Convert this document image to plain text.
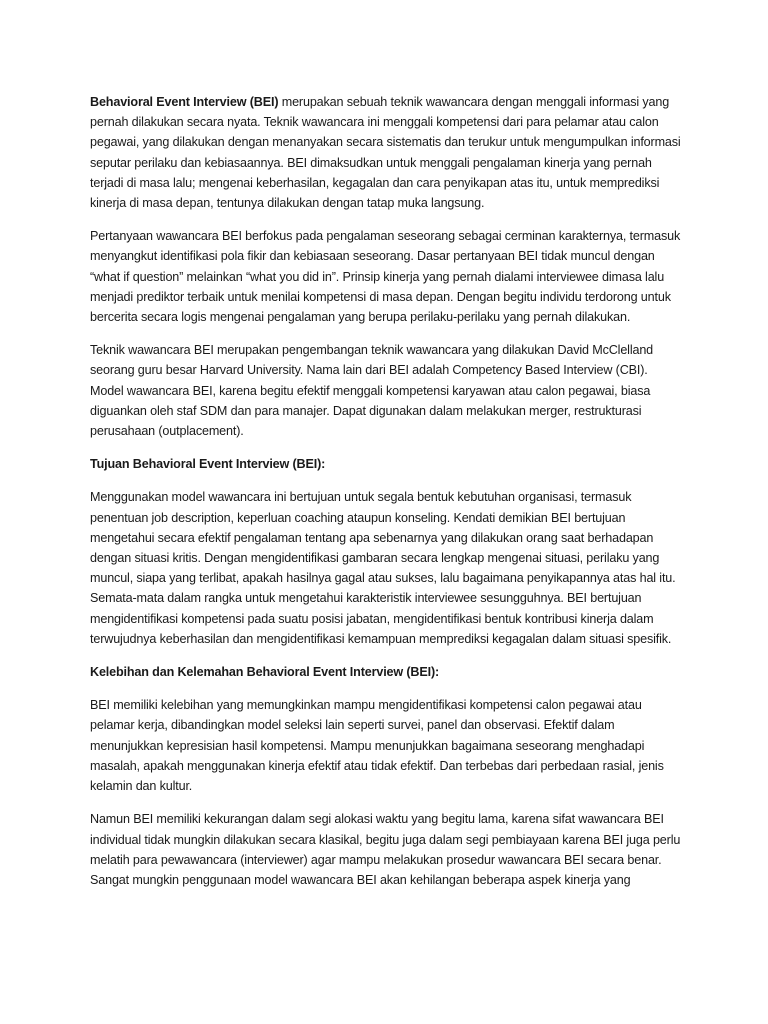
Behavioral Event Interview (BEI) merupakan sebuah teknik wawancara dengan menggali informasi yang pernah dilakukan secara nyata. Teknik wawancara ini menggali kompetensi dari para pelamar atau calon pegawai, yang dilakukan dengan menanyakan secara sistematis dan terukur untuk mengumpulkan informasi seputar perilaku dan kebiasaannya. BEI dimaksudkan untuk menggali pengalaman kinerja yang pernah terjadi di masa lalu; mengenai keberhasilan, kegagalan dan cara penyikapan atas itu, untuk memprediksi kinerja di masa depan, tentunya dilakukan dengan tatap muka langsung.

Pertanyaan wawancara BEI berfokus pada pengalaman seseorang sebagai cerminan karakternya, termasuk menyangkut identifikasi pola fikir dan kebiasaan seseorang. Dasar pertanyaan BEI tidak muncul dengan “what if question” melainkan “what you did in”. Prinsip kinerja yang pernah dialami interviewee dimasa lalu menjadi prediktor terbaik untuk menilai kompetensi di masa depan. Dengan begitu individu terdorong untuk bercerita secara logis mengenai pengalaman yang berupa perilaku-perilaku yang pernah dilakukan.

Teknik wawancara BEI merupakan pengembangan teknik wawancara yang dilakukan David McClelland seorang guru besar Harvard University. Nama lain dari BEI adalah Competency Based Interview (CBI). Model wawancara BEI, karena begitu efektif menggali kompetensi karyawan atau calon pegawai, biasa diguankan oleh staf SDM dan para manajer. Dapat digunakan dalam melakukan merger, restrukturasi perusahaan (outplacement).

Tujuan Behavioral Event Interview (BEI):

Menggunakan model wawancara ini bertujuan untuk segala bentuk kebutuhan organisasi, termasuk penentuan job description, keperluan coaching ataupun konseling. Kendati demikian BEI bertujuan mengetahui secara efektif pengalaman tentang apa sebenarnya yang dilakukan orang saat berhadapan dengan situasi kritis. Dengan mengidentifikasi gambaran secara lengkap mengenai situasi, perilaku yang muncul, siapa yang terlibat, apakah hasilnya gagal atau sukses, lalu bagaimana penyikapannya atas hal itu. Semata-mata dalam rangka untuk mengetahui karakteristik interviewee sesungguhnya. BEI bertujuan mengidentifikasi kompetensi pada suatu posisi jabatan, mengidentifikasi bentuk kontribusi kinerja dalam terwujudnya keberhasilan dan mengidentifikasi kemampuan memprediksi kegagalan dalam situasi spesifik.

Kelebihan dan Kelemahan Behavioral Event Interview (BEI):

BEI memiliki kelebihan yang memungkinkan mampu mengidentifikasi kompetensi calon pegawai atau pelamar kerja, dibandingkan model seleksi lain seperti survei, panel dan observasi. Efektif dalam menunjukkan kepresisian hasil kompetensi. Mampu menunjukkan bagaimana seseorang menghadapi masalah, apakah menggunakan kinerja efektif atau tidak efektif. Dan terbebas dari perbedaan rasial, jenis kelamin dan kultur.

Namun BEI memiliki kekurangan dalam segi alokasi waktu yang begitu lama, karena sifat wawancara BEI individual tidak mungkin dilakukan secara klasikal, begitu juga dalam segi pembiayaan karena BEI juga perlu melatih para pewawancara (interviewer) agar mampu melakukan prosedur wawancara BEI secara benar. Sangat mungkin penggunaan model wawancara BEI akan kehilangan beberapa aspek kinerja yang
